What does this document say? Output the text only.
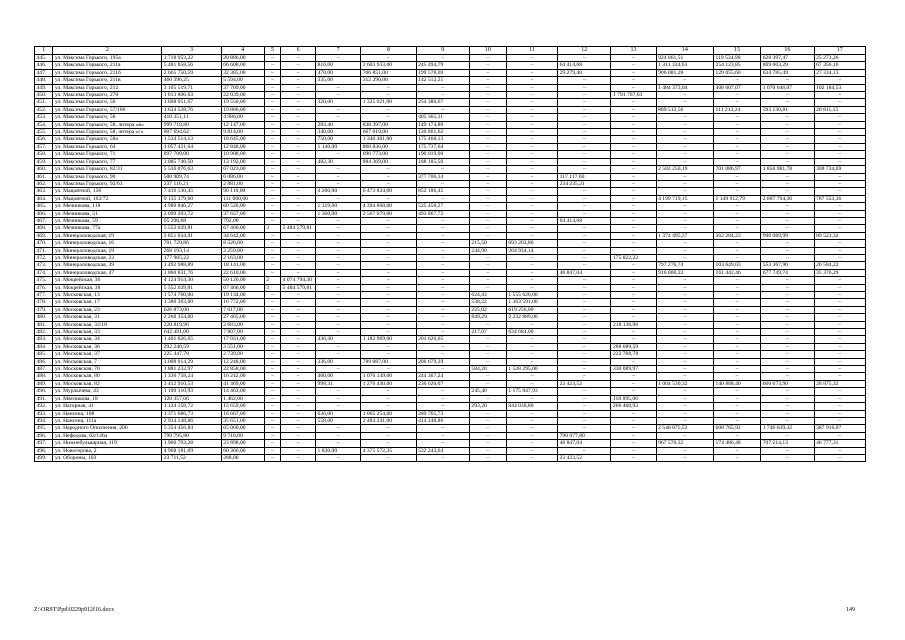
1	2	3	4	5	6	7	8	9	10	11	12	13	14	15	16	17
445.	ул. Максима Горького, 195а	1 718 953,22	20 886,00	–	–	–	–	–	–	–	–	–	924 861,51	119 534,98	628 397,47	25 273,26
446.	ул. Максима Горького, 211а	5 481 858,56	66 608,00	–	–	816,00	2 603 933,00	245 494,79	–	–	64 414,68	–	1 311 334,63	254 123,85	869 603,29	67 356,16
447.	ул. Максима Горького, 211б	2 665 750,59	32 385,00	–	–	470,00	706 851,00	199 578,69	–	–	29 279,40	–	906 081,28	129 055,60	634 785,49	27 334,13
448.	ул. Максима Горького, 211в	460 396,25	5 594,00	–	–	335,00	312 290,00	142 512,25	–	–	–	–	–	–	–	–
449.	ул. Максима Горького, 212	3 105 519,71	37 709,00	–	–	–	–	–	–	–	–	–	1 484 373,04	408 607,07	1 070 646,07	102 184,53
450.	ул. Максима Горького, 270	1 813 806,63	22 039,00	–	–	–	–	–	–	–	–	1 791 767,63	–	–	–	–
451.	ул. Максима Горького, 56	1 608 951,67	19 550,00	–	–	320,00	1 335 021,00	254 380,67	–	–	–	–	–	–	–	–
452.	ул. Максима Горького, 57/106	1 634 528,76	19 860,00	–	–	–	–	–	–	–	–	–	889 512,56	111 213,24	593 130,81	20 811,15
453.	ул. Максима Горького, 58	410 351,11	4 986,00	–	–	–	–	405 365,11	–	–	–	–	–	–	–	–
454.	ул. Максима Горького, 58, литера «в»	999 718,80	12 147,00	–	–	283,40	838 397,00	149 174,80	–	–	–	–	–	–	–	–
455.	ул. Максима Горького, 58, литера «г»	807 694,62	9 814,00	–	–	340,00	667 019,00	130 861,62	–	–	–	–	–	–	–	–
456.	ул. Максима Горького, 58а	1 534 514,13	18 645,00	–	–	750,00	1 340 401,00	175 468,13	–	–	–	–	–	–	–	–
457.	ул. Максима Горького, 64	1 057 421,64	12 848,00	–	–	1 140,00	868 836,00	175 737,64	–	–	–	–	–	–	–	–
458.	ул. Максима Горького, 71	897 700,00	10 908,00	–	–	–	696 773,00	190 019,00	–	–	–	–	–	–	–	–
459.	ул. Максима Горького, 77	1 085 746,50	13 192,00	–	–	482,30	884 369,00	188 185,50	–	–	–	–	–	–	–	–
460.	ул. Максима Горького, 82/31	5 516 076,63	67 023,00	–	–	–	–	–	–	–	–	–	2 582 250,19	701 086,97	1 856 981,78	308 734,69
461.	ул. Максима Горького, 90	500 909,74	6 086,00	–	–	–	–	377 706,14	–	–	117 117,60	–	–	–	–	–
462.	ул. Максима Горького, 92/63	237 116,21	2 881,00	–	–	–	–	–	–	–	234 235,21	–	–	–	–	–
463.	ул. Мацоятной, 156	7 416 130,45	90 110,00	–	–	4 200,00	6 473 834,00	852 186,45	–	–	–	–	–	–	–	–
464.	ул. Мацоятной, 163/72	9 135 379,60	111 000,00	–	–	–	–	–	–	–	–	–	4 199 719,15	1 149 912,79	2 887 794,30	787 553,36
465.	ул. Мечникова, 118	4 980 846,27	60 520,00	–	–	1 319,00	4 394 868,00	525 458,27	–	–	–	–	–	–	–	–
466.	ул. Мечникова, 51	3 099 203,72	37 657,00	–	–	1 360,00	2 567 679,00	493 867,72	–	–	–	–	–	–	–	–
467.	ул. Мечникова, 59	65 206,68	792,00	–	–	–	–	–	–	–	64 414,68	–	–	–	–	–
468.	ул. Мечникова, 77а	5 552 039,81	67 460,00	3	5 484 579,81	–	–	–	–	–	–	–	–	–	–	–
469.	ул. Минераловодская, 19	2 851 034,91	34 642,00	–	–	–	–	–	–	–	–	–	1 374 495,37	362 284,23	990 089,99	89 523,32
470.	ул. Минераловодская, 16	701 729,86	8 526,00	–	–	–	–	–	215,50	693 203,86	–	–	–	–	–	–
471.	ул. Минераловодская, 19	268 193,14	3 259,00	–	–	–	–	–	244,90	264 934,14	–	–	–	–	–	–
472.	ул. Минераловодская, 23	177 985,22	2 163,00	–	–	–	–	–	–	–	–	175 822,22	–	–	–	–
473.	ул. Минераловодская, 39	1 492 988,89	18 141,00	–	–	–	–	–	–	–	–	–	797 276,74	103 649,03	553 367,90	20 584,22
474.	ул. Минераловодская, 47	1 860 831,76	22 610,00	–	–	–	–	–	–	–	46 847,04	–	916 806,23	161 442,46	677 749,74	35 376,29
475.	ул. Мокрейская, 36	4 124 914,30	50 120,00	2	4 074 794,30	–	–	–	–	–	–	–	–	–	–	–
476.	ул. Мокрейская, 38	5 552 039,81	67 460,00	3	5 484 579,81	–	–	–	–	–	–	–	–	–	–	–
477.	ул. Московская, 13	1 574 760,00	19 134,00	–	–	–	–	–	624,43	1 555 626,00	–	–	–	–	–	–
478.	ул. Московская, 17	1 380 363,00	16 772,00	–	–	–	–	–	538,22	1 363 591,00	–	–	–	–	–	–
479.	ул. Московская, 23	626 873,00	7 617,00	–	–	–	–	–	225,02	619 256,00	–	–	–	–	–	–
480.	ул. Московская, 31	2 260 354,00	27 465,00	–	–	–	–	–	849,29	2 232 889,00	–	–	–	–	–	–
481.	ул. Московская, 32/18	220 819,96	2 683,00	–	–	–	–	–	–	–	–	218 136,96	–	–	–	–
482.	ул. Московская, 33	642 491,00	7 807,00	–	–	–	–	–	217,07	634 684,00	–	–	–	–	–	–
483.	ул. Московская, 34	1 401 626,65	17 031,00	–	–	436,30	1 182 969,00	201 626,65	–	–	–	–	–	–	–	–
484.	ул. Московская, 36	292 240,59	3 551,00	–	–	–	–	–	–	–	–	288 689,59	–	–	–	–
485.	ул. Московская, 37	225 447,78	2 739,00	–	–	–	–	–	–	–	–	222 708,78	–	–	–	–
486.	ул. Московская, 7	1 008 014,29	12 248,00	–	–	336,00	789 087,00	206 679,29	–	–	–	–	–	–	–	–
487.	ул. Московская, 70	1 881 232,97	22 858,00	–	–	–	–	–	584,20	1 528 295,00	–	330 089,97	–	–	–	–
488.	ул. Московская, 80	1 336 758,24	16 242,00	–	–	400,00	1 076 149,00	244 367,24	–	–	–	–	–	–	–	–
489.	ул. Московская, 82	3 412 910,53	41 469,00	–	–	998,31	1 276 430,00	236 620,07	–	–	23 423,52	–	1 004 530,32	140 888,40	660 673,90	28 875,32
490.	ул. Мурлычева, 43	1 190 310,93	14 463,00	–	–	–	–	–	245,40	1 175 847,93	–	–	–	–	–	–
491.	ул. Мясникова, 18	120 357,06	1 462,00	–	–	–	–	–	–	–	–	118 895,06	–	–	–	–
492.	ул. Нагорная, 41	1 124 158,72	13 659,00	–	–	–	–	–	293,20	844 038,80	–	266 460,92	–	–	–	–
493.	ул. Нансена, 108	1 371 686,73	16 667,00	–	–	636,00	1 065 254,00	289 765,73	–	–	–	–	–	–	–	–
494.	ул. Нансена, 111а	2 934 148,86	35 651,00	–	–	558,00	2 484 241,00	414 248,86	–	–	–	–	–	–	–	–
495.	ул. Народного Ополчения, 206	5 354 456,84	65 060,00	–	–	–	–	–	–	–	–	–	2 546 075,53	608 765,92	1 746 639,32	387 916,07
496.	ул. Нефедова, 63/146а	799 795,80	9 718,00	–	–	–	–	–	–	–	790 077,80	–	–	–	–	–
497.	ул. Нижнебульварная, 119	1 966 793,28	23 898,00	–	–	–	–	–	–	–	46 847,04	–	967 570,32	174 486,48	707 214,13	46 777,31
498.	ул. Новогорова, 2	4 968 181,09	60 366,00	–	–	1 830,00	4 375 572,35	532 243,64	–	–	–	–	–	–	–	–
499.	ул. Обороны, 103	23 711,52	288,00	–	–	–	–	–	–	–	23 423,52	–	–	–	–	–
Z:\ORST\Ppd\0229p912f16.docx	149
